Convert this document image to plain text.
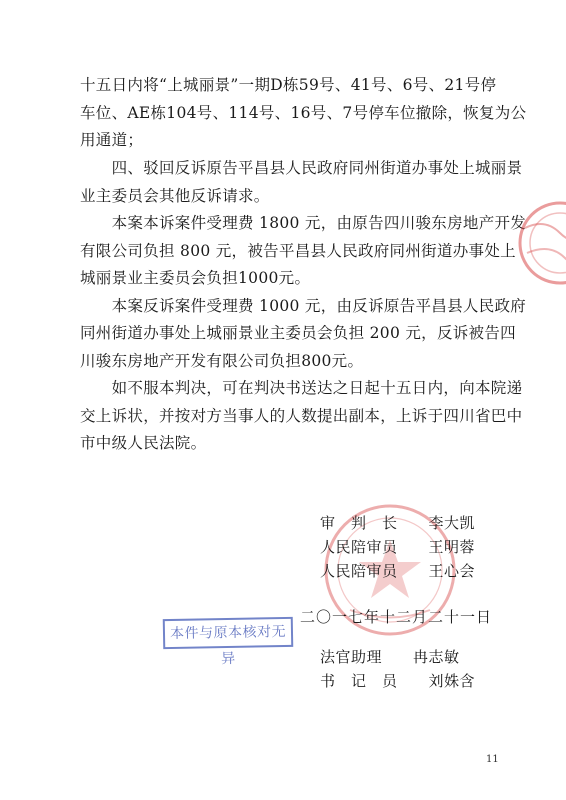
十五日内将“上城丽景”一期D栋59号、41号、6号、21号停
车位、AE栋104号、114号、16号、7号停车位撤除，恢复为公
用通道；
　　四、驳回反诉原告平昌县人民政府同州街道办事处上城丽景
业主委员会其他反诉请求。
　　本案本诉案件受理费 1800 元，由原告四川骏东房地产开发
有限公司负担 800 元，被告平昌县人民政府同州街道办事处上
城丽景业主委员会负担1000元。
　　本案反诉案件受理费 1000 元，由反诉原告平昌县人民政府
同州街道办事处上城丽景业主委员会负担 200 元，反诉被告四
川骏东房地产开发有限公司负担800元。
　　如不服本判决，可在判决书送达之日起十五日内，向本院递
交上诉状，并按对方当事人的人数提出副本，上诉于四川省巴中
市中级人民法院。
审　判　长　　李大凯
人民陪审员　　王明蓉
人民陪审员　　王心会
二〇一七年十二月二十一日
法官助理　　冉志敏
书　记　员　　刘姝含
本件与原本核对无异
11
